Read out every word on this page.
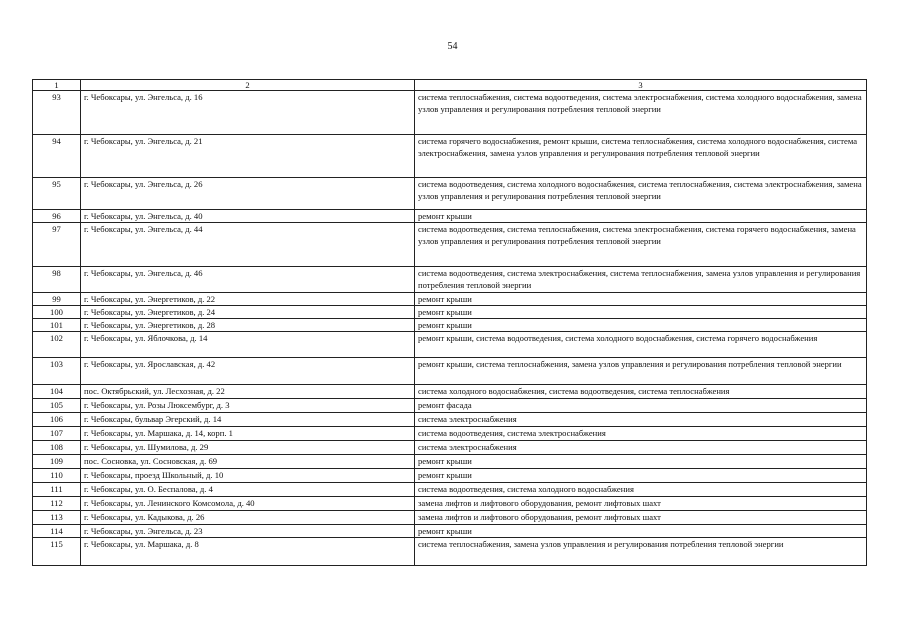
54
1	2	3
93	г. Чебоксары, ул. Энгельса, д. 16	система теплоснабжения, система водоотведения, система электроснабжения, система холодного водоснабжения, замена узлов управления и регулирования потребления тепловой энергии
94	г. Чебоксары, ул. Энгельса, д. 21	система горячего водоснабжения, ремонт крыши, система теплоснабжения, система холодного водоснабжения, система электроснабжения, замена узлов управления и регулирования потребления тепловой энергии
95	г. Чебоксары, ул. Энгельса, д. 26	система водоотведения, система холодного водоснабжения, система теплоснабжения, система электроснабжения, замена узлов управления и регулирования потребления тепловой энергии
96	г. Чебоксары, ул. Энгельса, д. 40	ремонт крыши
97	г. Чебоксары, ул. Энгельса, д. 44	система водоотведения, система теплоснабжения, система электроснабжения, система горячего водоснабжения, замена узлов управления и регулирования потребления тепловой энергии
98	г. Чебоксары, ул. Энгельса, д. 46	система водоотведения, система электроснабжения, система теплоснабжения, замена узлов управления и регулирования потребления тепловой энергии
99	г. Чебоксары, ул. Энергетиков, д. 22	ремонт крыши
100	г. Чебоксары, ул. Энергетиков, д. 24	ремонт крыши
101	г. Чебоксары, ул. Энергетиков, д. 28	ремонт крыши
102	г. Чебоксары, ул. Яблочкова, д. 14	ремонт крыши, система водоотведения, система холодного водоснабжения, система горячего водоснабжения
103	г. Чебоксары, ул. Ярославская, д. 42	ремонт крыши, система теплоснабжения, замена узлов управления и регулирования потребления тепловой энергии
104	пос. Октябрьский, ул. Лесхозная, д. 22	система холодного водоснабжения, система водоотведения, система теплоснабжения
105	г. Чебоксары, ул. Розы Люксембург, д. 3	ремонт фасада
106	г. Чебоксары, бульвар Эгерский, д. 14	система электроснабжения
107	г. Чебоксары, ул. Маршака, д. 14, корп. 1	система водоотведения, система электроснабжения
108	г. Чебоксары, ул. Шумилова, д. 29	система электроснабжения
109	пос. Сосновка, ул. Сосновская, д. 69	ремонт крыши
110	г. Чебоксары, проезд Школьный, д. 10	ремонт крыши
111	г. Чебоксары, ул. О. Беспалова, д. 4	система водоотведения, система холодного водоснабжения
112	г. Чебоксары, ул. Ленинского Комсомола, д. 40	замена лифтов и лифтового оборудования, ремонт лифтовых шахт
113	г. Чебоксары, ул. Кадыкова, д. 26	замена лифтов и лифтового оборудования, ремонт лифтовых шахт
114	г. Чебоксары, ул. Энгельса, д. 23	ремонт крыши
115	г. Чебоксары, ул. Маршака, д. 8	система теплоснабжения, замена узлов управления и регулирования потребления тепловой энергии
